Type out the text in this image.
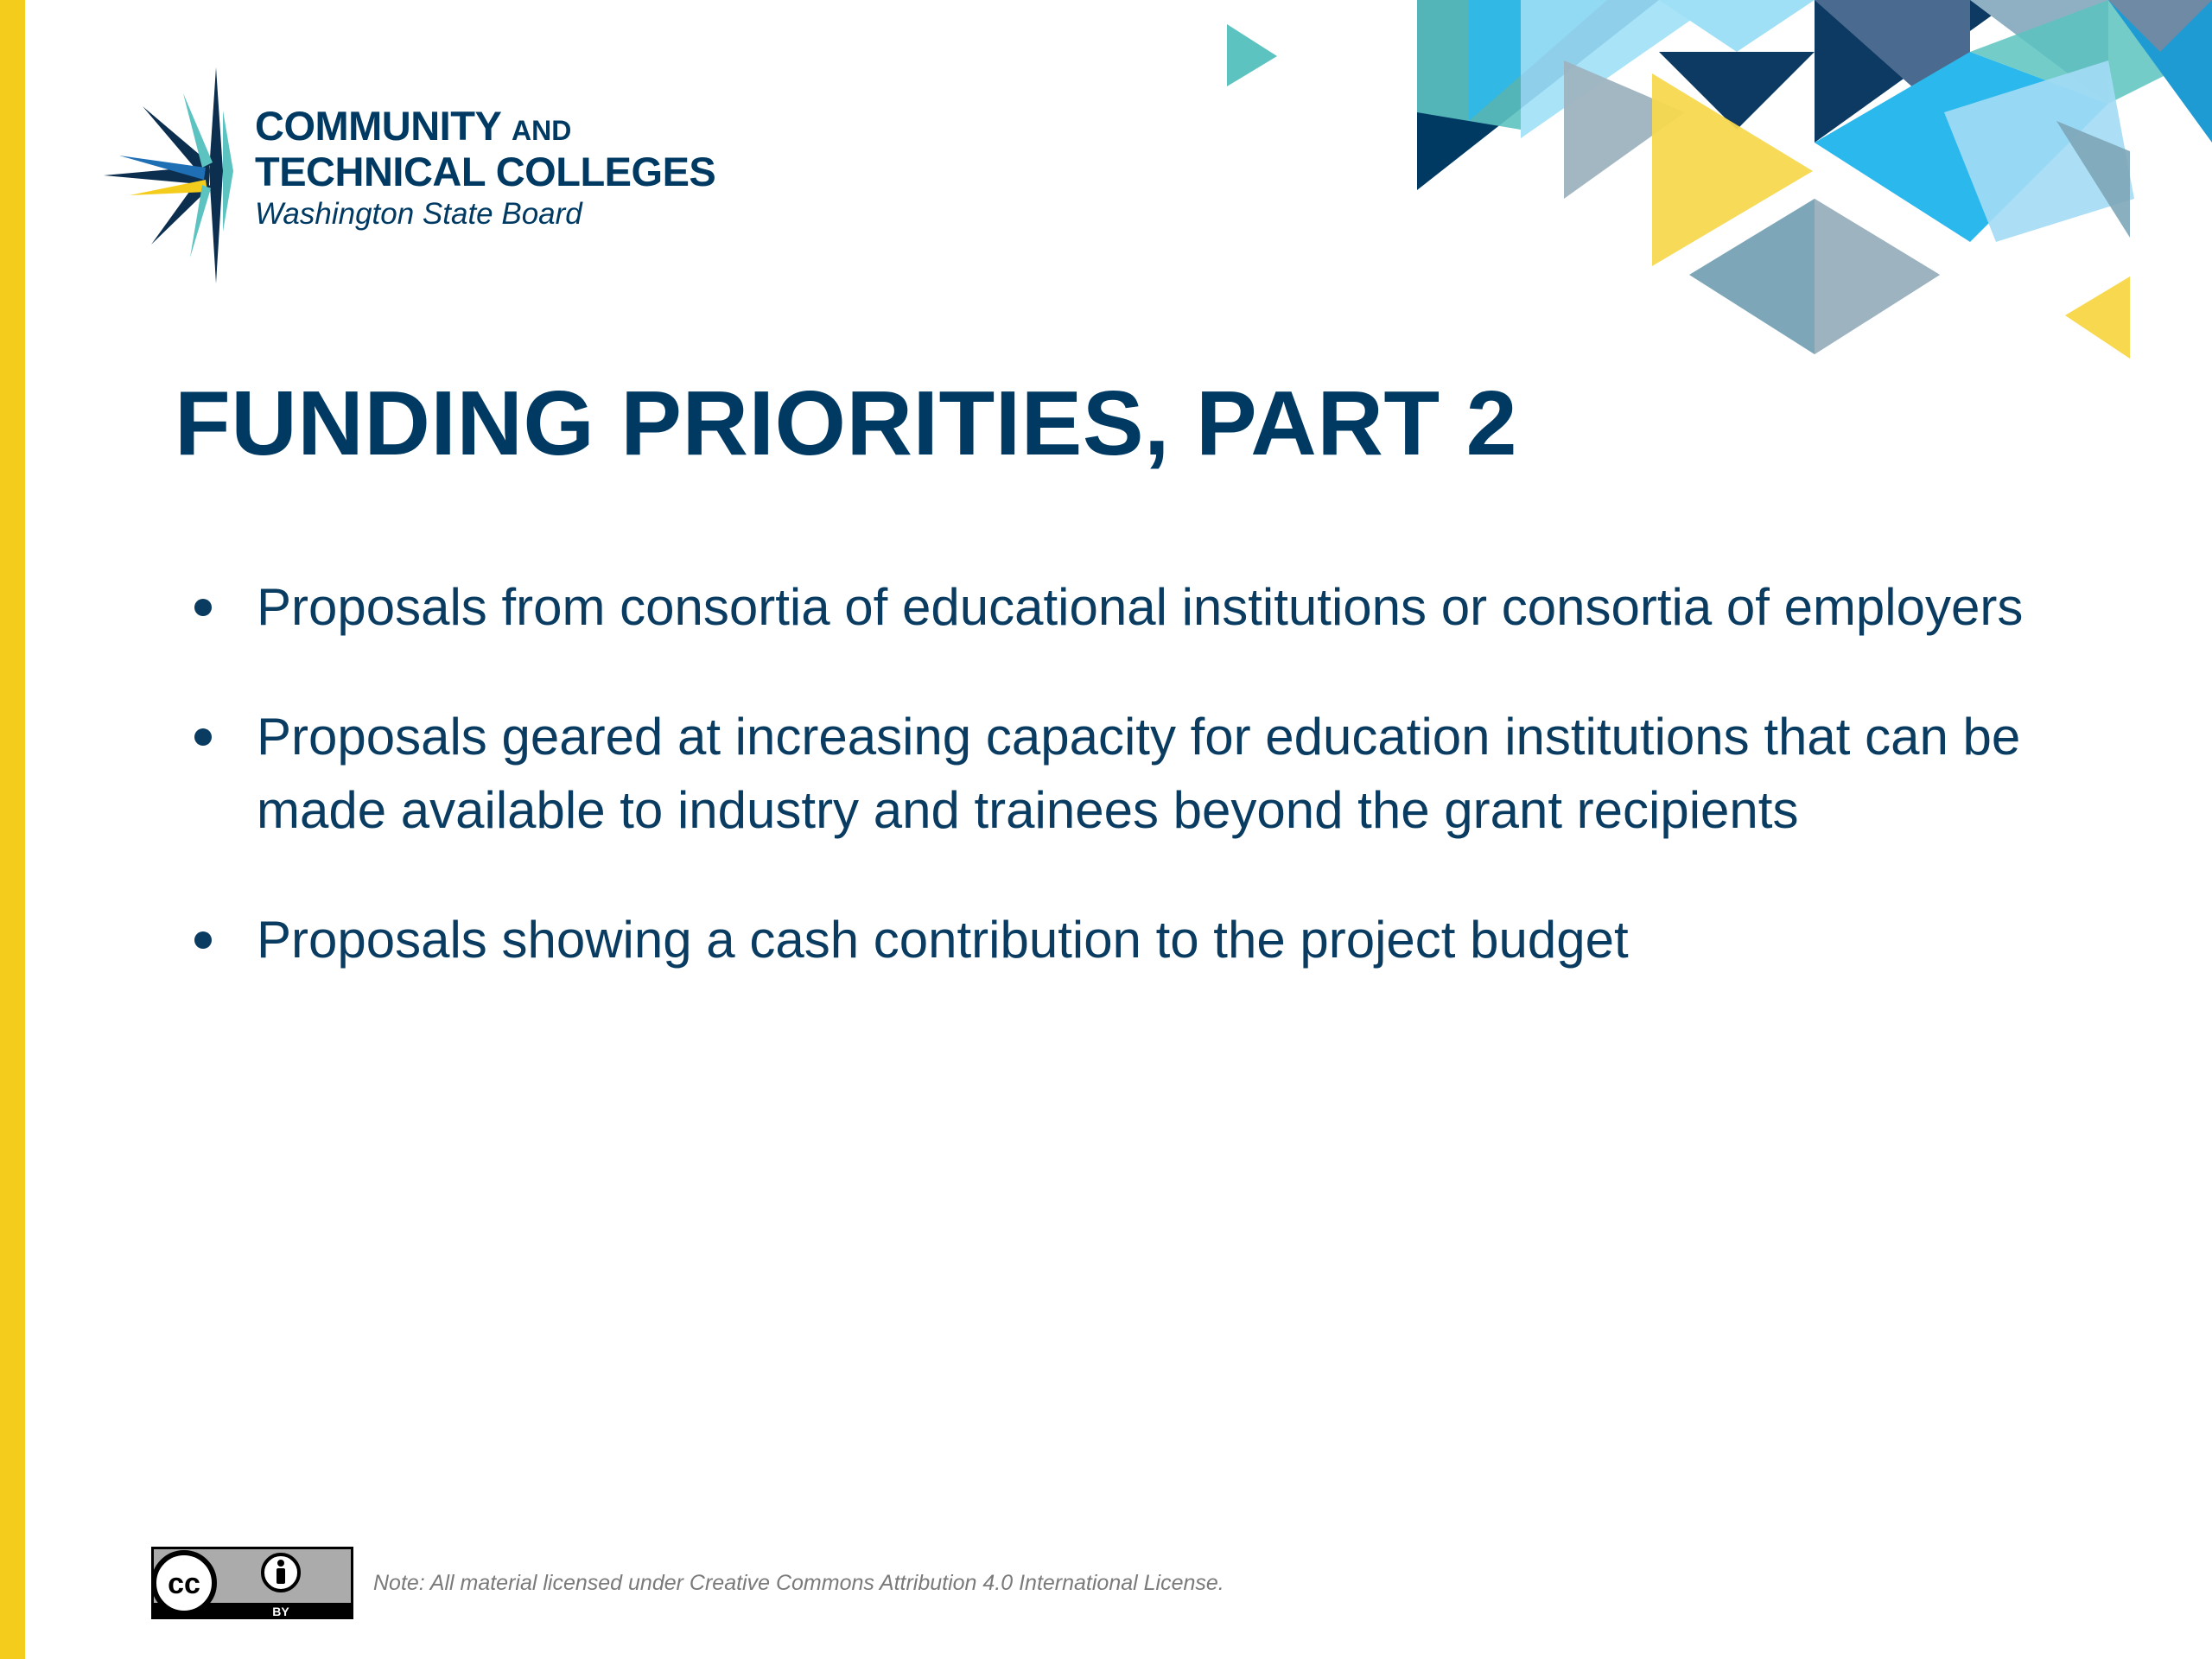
COMMUNITY AND
TECHNICAL COLLEGES
Washington State Board
FUNDING PRIORITIES, PART 2
Proposals from consortia of educational institutions or consortia of employers
Proposals geared at increasing capacity for education institutions that can be made available to industry and trainees beyond the grant recipients
Proposals showing a cash contribution to the project budget
cc
BY
Note: All material licensed under Creative Commons Attribution 4.0 International License.
